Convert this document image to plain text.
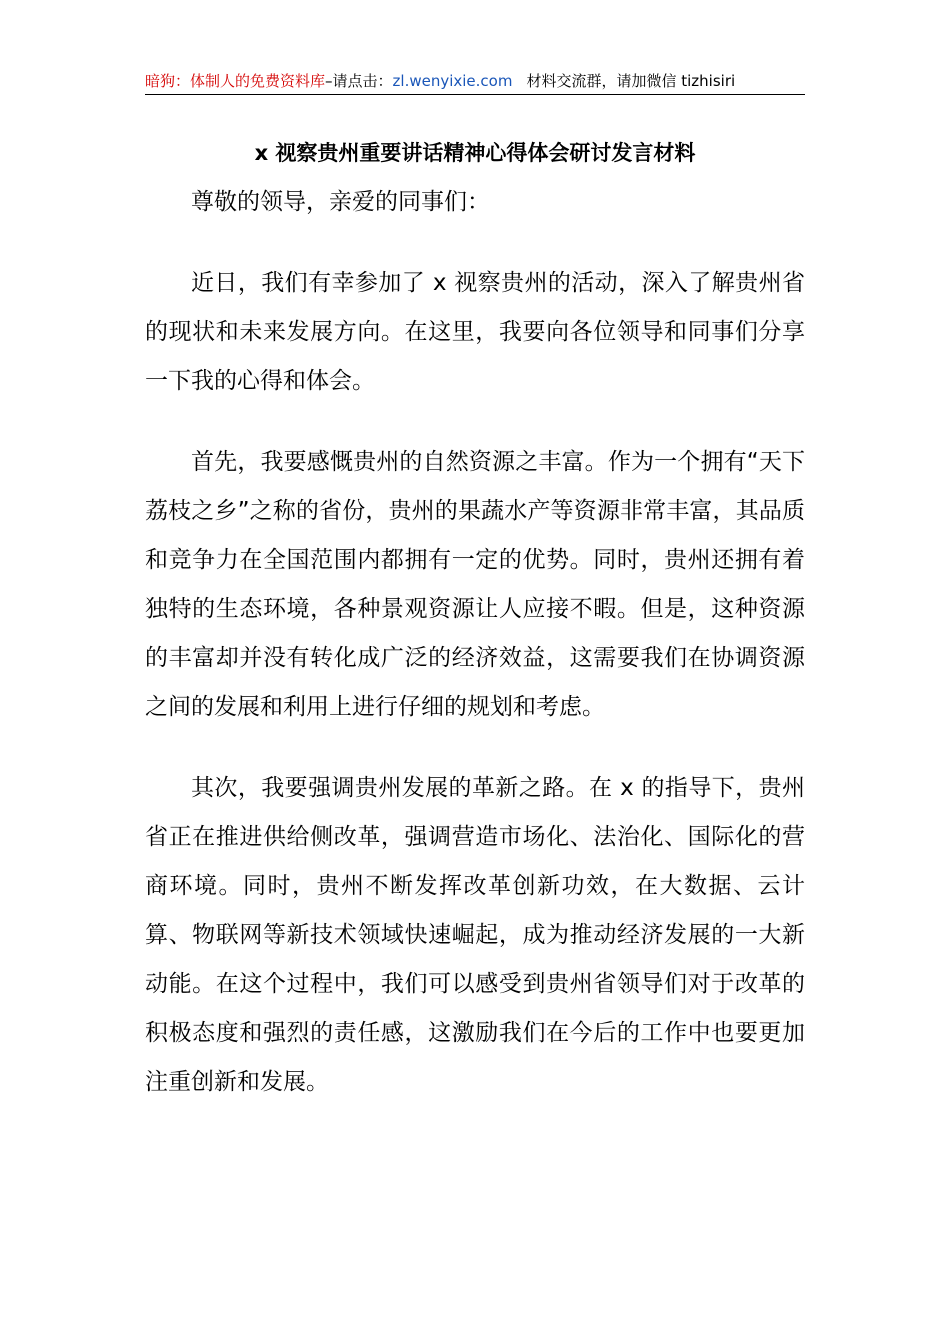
暗狗：体制人的免费资料库–请点击：zl.wenyixie.com 材料交流群，请加微信 tizhisiri
x 视察贵州重要讲话精神心得体会研讨发言材料

尊敬的领导，亲爱的同事们：

近日，我们有幸参加了 x 视察贵州的活动，深入了解贵州省的现状和未来发展方向。在这里，我要向各位领导和同事们分享一下我的心得和体会。

首先，我要感慨贵州的自然资源之丰富。作为一个拥有“天下荔枝之乡”之称的省份，贵州的果蔬水产等资源非常丰富，其品质和竞争力在全国范围内都拥有一定的优势。同时，贵州还拥有着独特的生态环境，各种景观资源让人应接不暇。但是，这种资源的丰富却并没有转化成广泛的经济效益，这需要我们在协调资源之间的发展和利用上进行仔细的规划和考虑。

其次，我要强调贵州发展的革新之路。在 x 的指导下，贵州省正在推进供给侧改革，强调营造市场化、法治化、国际化的营商环境。同时，贵州不断发挥改革创新功效，在大数据、云计算、物联网等新技术领域快速崛起，成为推动经济发展的一大新动能。在这个过程中，我们可以感受到贵州省领导们对于改革的积极态度和强烈的责任感，这激励我们在今后的工作中也要更加注重创新和发展。
